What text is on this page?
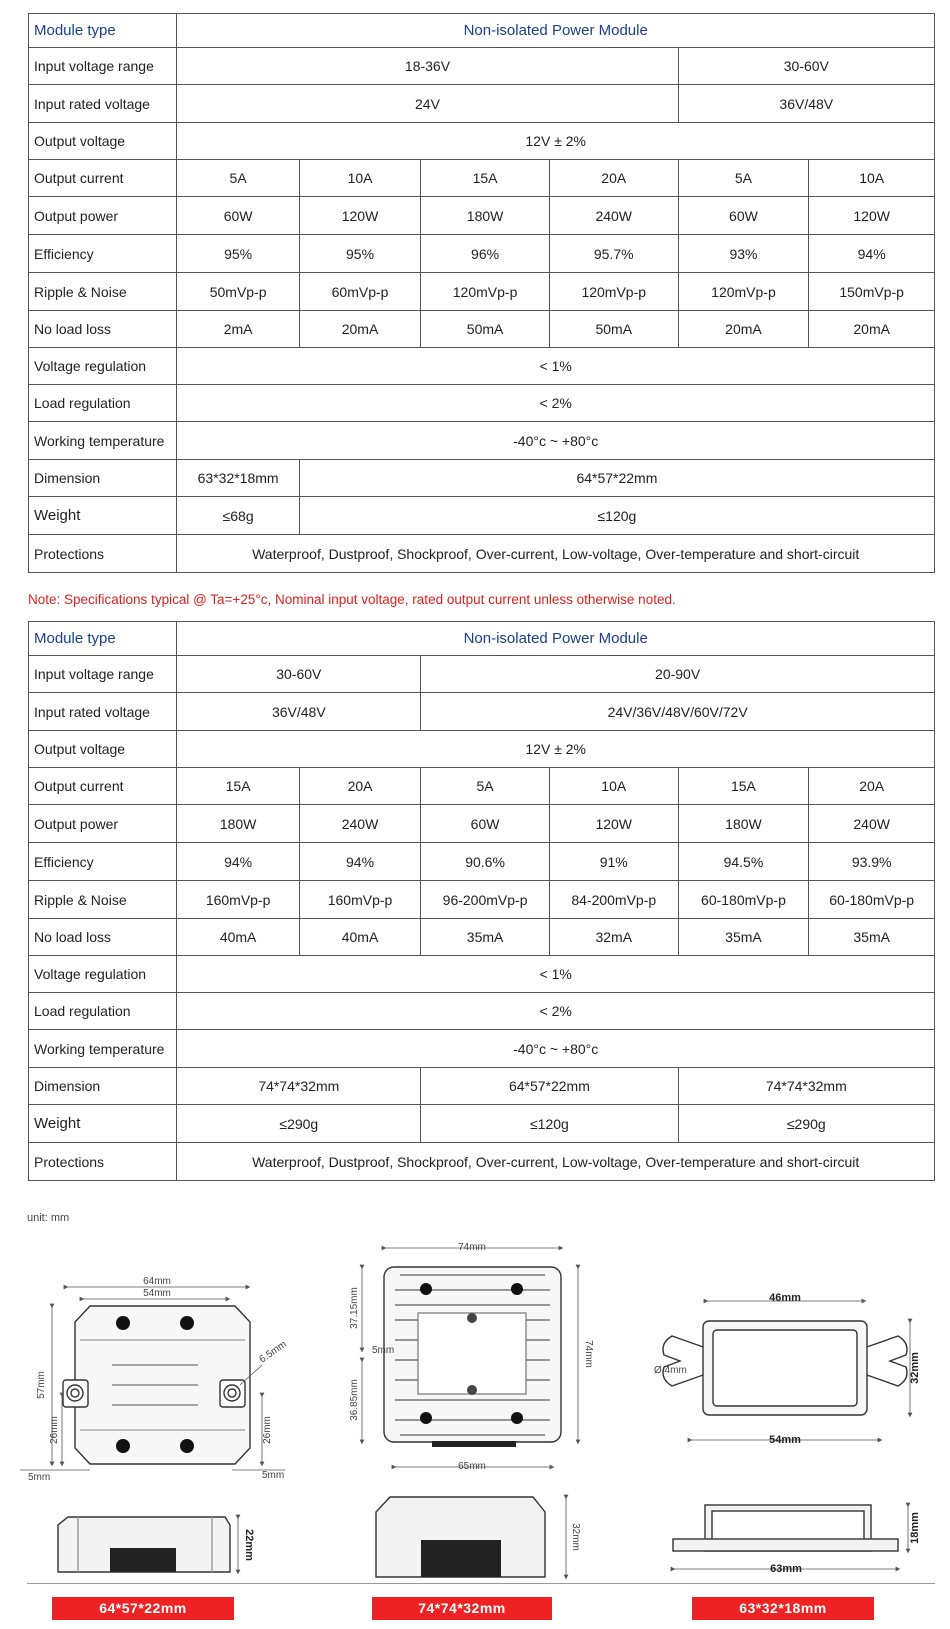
Module type	Non-isolated Power Module					
Input voltage range	18-36V				30-60V	
Input rated voltage	24V				36V/48V	
Output voltage	12V ± 2%					
Output current	5A	10A	15A	20A	5A	10A
Output power	60W	120W	180W	240W	60W	120W
Efficiency	95%	95%	96%	95.7%	93%	94%
Ripple & Noise	50mVp-p	60mVp-p	120mVp-p	120mVp-p	120mVp-p	150mVp-p
No load loss	2mA	20mA	50mA	50mA	20mA	20mA
Voltage regulation	< 1%					
Load regulation	< 2%					
Working temperature	-40°c ~ +80°c					
Dimension	63*32*18mm	64*57*22mm				
Weight	≤68g	≤120g				
Protections	Waterproof, Dustproof, Shockproof, Over-current, Low-voltage, Over-temperature and short-circuit					
Note: Specifications typical @ Ta=+25°c, Nominal input voltage, rated output current unless otherwise noted.
Module type	Non-isolated Power Module					
Input voltage range	30-60V		20-90V			
Input rated voltage	36V/48V		24V/36V/48V/60V/72V			
Output voltage	12V ± 2%					
Output current	15A	20A	5A	10A	15A	20A
Output power	180W	240W	60W	120W	180W	240W
Efficiency	94%	94%	90.6%	91%	94.5%	93.9%
Ripple & Noise	160mVp-p	160mVp-p	96-200mVp-p	84-200mVp-p	60-180mVp-p	60-180mVp-p
No load loss	40mA	40mA	35mA	32mA	35mA	35mA
Voltage regulation	< 1%					
Load regulation	< 2%					
Working temperature	-40°c ~ +80°c					
Dimension	74*74*32mm		64*57*22mm		74*74*32mm	
Weight	≤290g		≤120g		≤290g	
Protections	Waterproof, Dustproof, Shockproof, Over-current, Low-voltage, Over-temperature and short-circuit					
unit: mm
64mm
54mm
57mm
26mm	26mm
6.5mm
5mm	5mm
22mm
74mm
37.15mm
36.85mm
5mm	74mm
65mm
32mm
46mm
Ø 4mm	32mm
54mm
18mm
63mm
64*57*22mm	74*74*32mm	63*32*18mm
